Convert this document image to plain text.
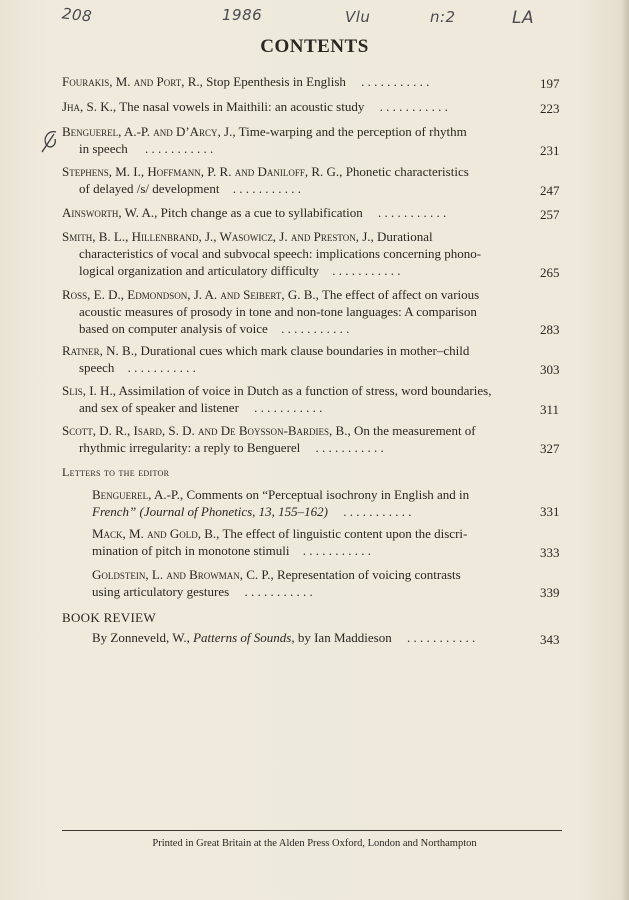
208	1986	Vlu	n:2	LA
CONTENTS
Fourakis, M. and Port, R., Stop Epenthesis in English . . . . . . . . . . .	197
Jha, S. K., The nasal vowels in Maithili: an acoustic study . . . . . . . . . . .	223
Benguerel, A.-P. and D’Arcy, J., Time-warping and the perception of rhythm
in speech . . . . . . . . . . .	231
Stephens, M. I., Hoffmann, P. R. and Daniloff, R. G., Phonetic characteristics
of delayed /s/ development . . . . . . . . . . .	247
Ainsworth, W. A., Pitch change as a cue to syllabification . . . . . . . . . . .	257
Smith, B. L., Hillenbrand, J., Wasowicz, J. and Preston, J., Durational
characteristics of vocal and subvocal speech: implications concerning phono-
logical organization and articulatory difficulty . . . . . . . . . . .	265
Ross, E. D., Edmondson, J. A. and Seibert, G. B., The effect of affect on various
acoustic measures of prosody in tone and non-tone languages: A comparison
based on computer analysis of voice . . . . . . . . . . .	283
Ratner, N. B., Durational cues which mark clause boundaries in mother–child
speech . . . . . . . . . . .	303
Slis, I. H., Assimilation of voice in Dutch as a function of stress, word boundaries,
and sex of speaker and listener . . . . . . . . . . .	311
Scott, D. R., Isard, S. D. and De Boysson-Bardies, B., On the measurement of
rhythmic irregularity: a reply to Benguerel . . . . . . . . . . .	327
Letters to the editor
Benguerel, A.-P., Comments on “Perceptual isochrony in English and in
French” (Journal of Phonetics, 13, 155–162) . . . . . . . . . . .	331
Mack, M. and Gold, B., The effect of linguistic content upon the discri-
mination of pitch in monotone stimuli . . . . . . . . . . .	333
Goldstein, L. and Browman, C. P., Representation of voicing contrasts
using articulatory gestures . . . . . . . . . . .	339
BOOK REVIEW
By Zonneveld, W., Patterns of Sounds, by Ian Maddieson . . . . . . . . . . .	343
Printed in Great Britain at the Alden Press Oxford, London and Northampton
